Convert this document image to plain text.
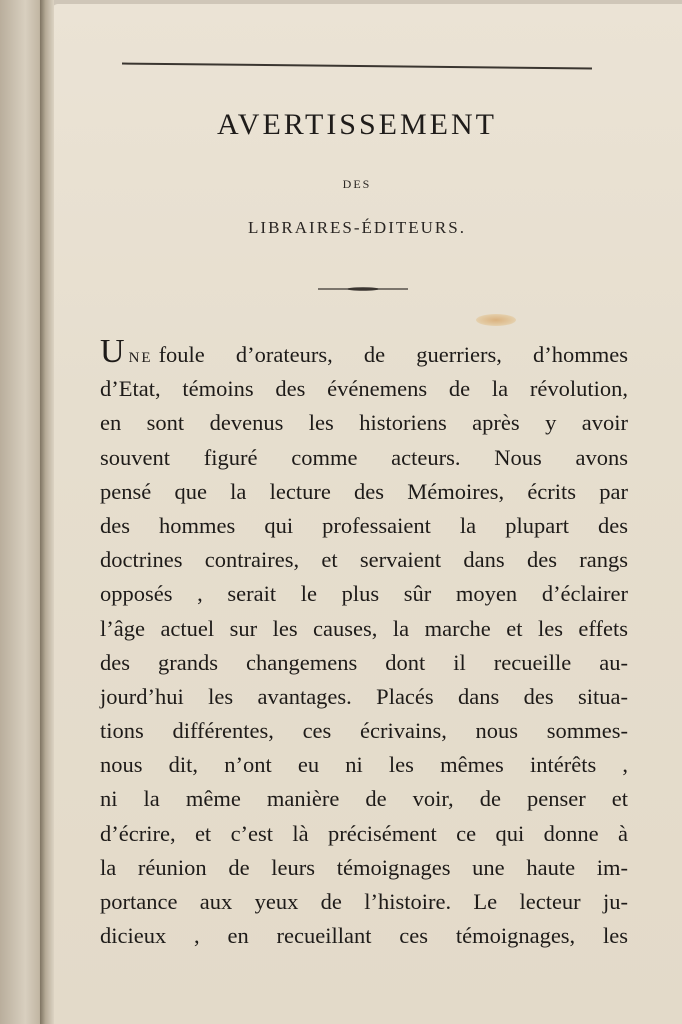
AVERTISSEMENT
DES
LIBRAIRES-ÉDITEURS.
UNE foule d’orateurs, de guerriers, d’hommes
d’Etat, témoins des événemens de la révolution,
en sont devenus les historiens après y avoir
souvent figuré comme acteurs. Nous avons
pensé que la lecture des Mémoires, écrits par
des hommes qui professaient la plupart des
doctrines contraires, et servaient dans des rangs
opposés , serait le plus sûr moyen d’éclairer
l’âge actuel sur les causes, la marche et les effets
des grands changemens dont il recueille au-
jourd’hui les avantages. Placés dans des situa-
tions différentes, ces écrivains, nous sommes-
nous dit, n’ont eu ni les mêmes intérêts ,
ni la même manière de voir, de penser et
d’écrire, et c’est là précisément ce qui donne à
la réunion de leurs témoignages une haute im-
portance aux yeux de l’histoire. Le lecteur ju-
dicieux , en recueillant ces témoignages, les
